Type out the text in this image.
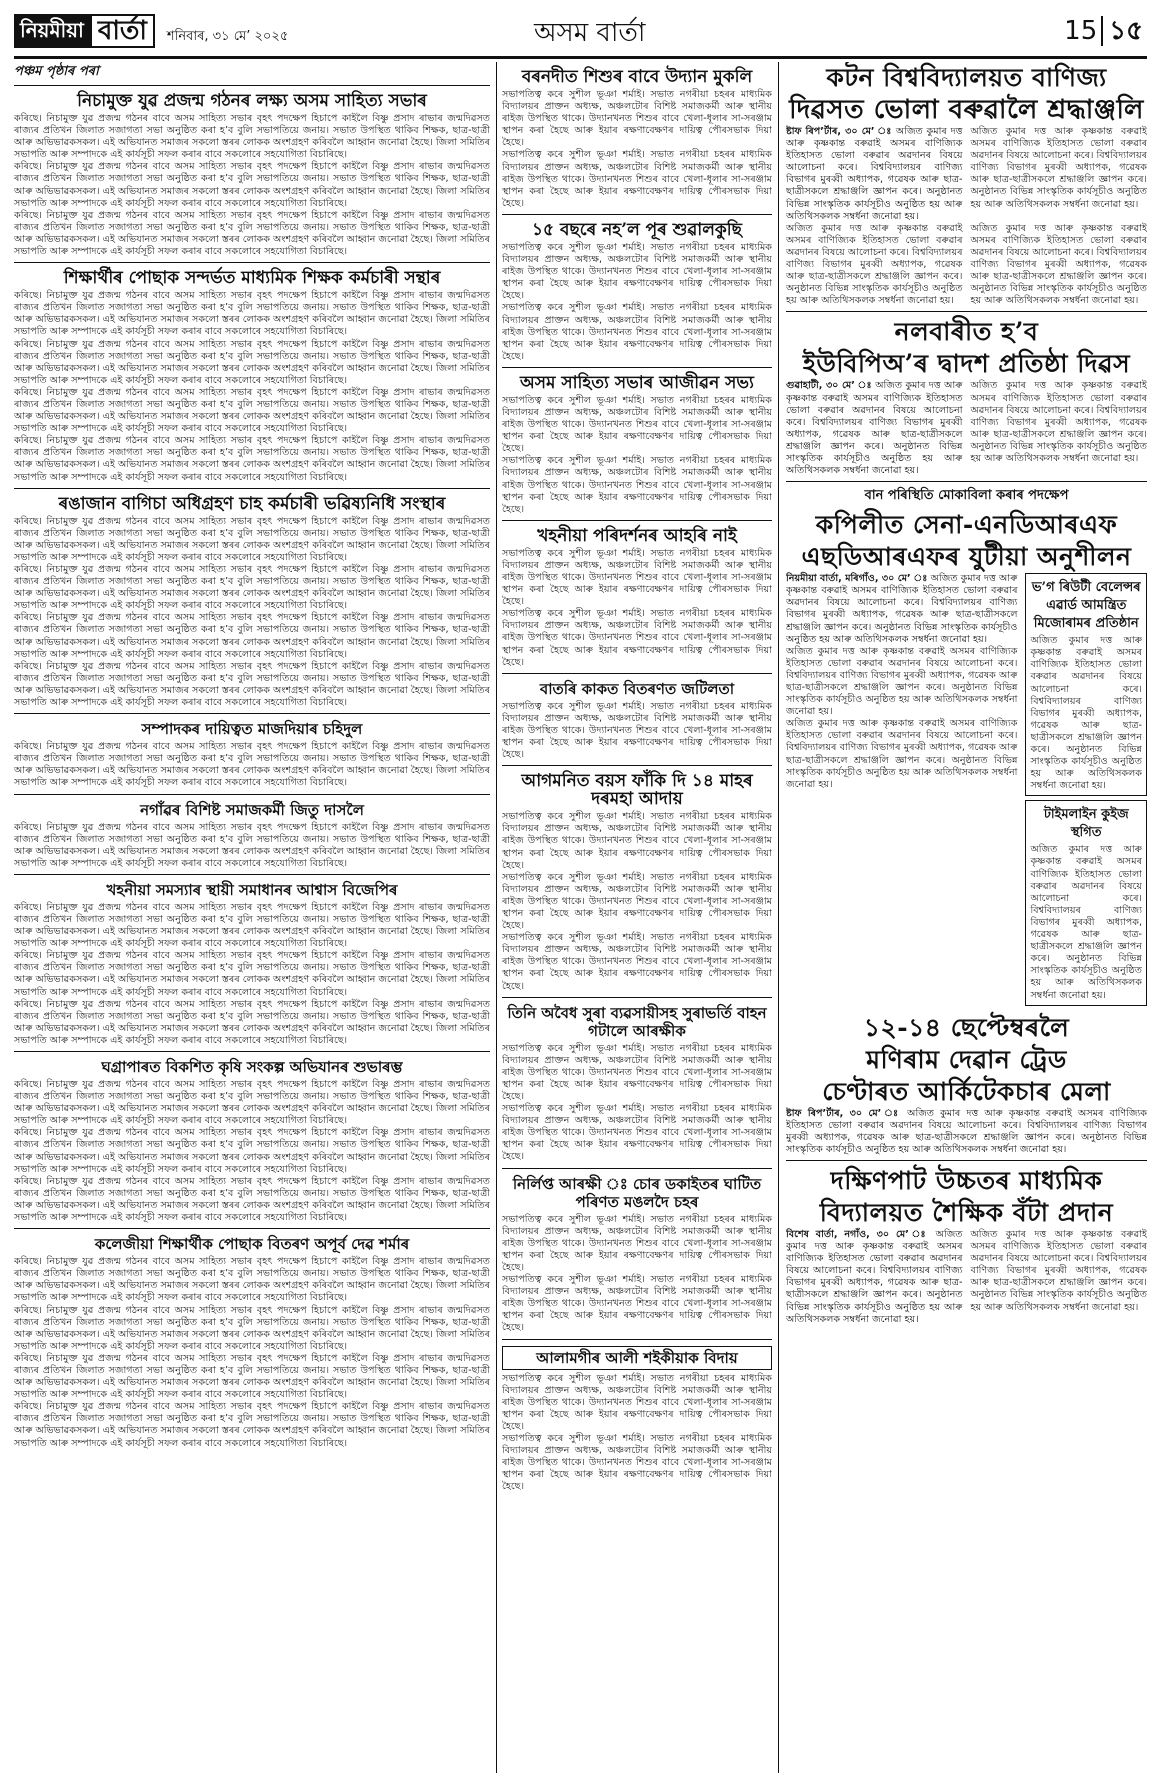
নিয়মীয়া বাৰ্তা	শনিবাৰ, ৩১ মে’ ২০২৫	অসম বাৰ্তা	15 ১৫
পঞ্চম পৃষ্ঠাৰ পৰা
নিচামুক্ত যুৱ প্ৰজন্ম গঠনৰ লক্ষ্য অসম সাহিত্য সভাৰ

কৰিছে। নিচামুক্ত যুৱ প্ৰজন্ম গঠনৰ বাবে অসম সাহিত্য সভাৰ বৃহৎ পদক্ষেপ হিচাপে কাইলৈ বিষ্ণু প্ৰসাদ ৰাভাৰ জন্মদিৱসত ৰাজ্যৰ প্ৰতিখন জিলাত সজাগতা সভা অনুষ্ঠিত কৰা হ’ব বুলি সভাপতিয়ে জনায়। সভাত উপস্থিত থাকিব শিক্ষক, ছাত্ৰ-ছাত্ৰী আৰু অভিভাৱকসকল। এই অভিযানত সমাজৰ সকলো স্তৰৰ লোকক অংশগ্ৰহণ কৰিবলৈ আহ্বান জনোৱা হৈছে। জিলা সমিতিৰ সভাপতি আৰু সম্পাদকে এই কাৰ্যসূচী সফল কৰাৰ বাবে সকলোৰে সহযোগিতা বিচাৰিছে।

কৰিছে। নিচামুক্ত যুৱ প্ৰজন্ম গঠনৰ বাবে অসম সাহিত্য সভাৰ বৃহৎ পদক্ষেপ হিচাপে কাইলৈ বিষ্ণু প্ৰসাদ ৰাভাৰ জন্মদিৱসত ৰাজ্যৰ প্ৰতিখন জিলাত সজাগতা সভা অনুষ্ঠিত কৰা হ’ব বুলি সভাপতিয়ে জনায়। সভাত উপস্থিত থাকিব শিক্ষক, ছাত্ৰ-ছাত্ৰী আৰু অভিভাৱকসকল। এই অভিযানত সমাজৰ সকলো স্তৰৰ লোকক অংশগ্ৰহণ কৰিবলৈ আহ্বান জনোৱা হৈছে। জিলা সমিতিৰ সভাপতি আৰু সম্পাদকে এই কাৰ্যসূচী সফল কৰাৰ বাবে সকলোৰে সহযোগিতা বিচাৰিছে।

কৰিছে। নিচামুক্ত যুৱ প্ৰজন্ম গঠনৰ বাবে অসম সাহিত্য সভাৰ বৃহৎ পদক্ষেপ হিচাপে কাইলৈ বিষ্ণু প্ৰসাদ ৰাভাৰ জন্মদিৱসত ৰাজ্যৰ প্ৰতিখন জিলাত সজাগতা সভা অনুষ্ঠিত কৰা হ’ব বুলি সভাপতিয়ে জনায়। সভাত উপস্থিত থাকিব শিক্ষক, ছাত্ৰ-ছাত্ৰী আৰু অভিভাৱকসকল। এই অভিযানত সমাজৰ সকলো স্তৰৰ লোকক অংশগ্ৰহণ কৰিবলৈ আহ্বান জনোৱা হৈছে। জিলা সমিতিৰ সভাপতি আৰু সম্পাদকে এই কাৰ্যসূচী সফল কৰাৰ বাবে সকলোৰে সহযোগিতা বিচাৰিছে।

শিক্ষাৰ্থীৰ পোছাক সন্দৰ্ভত মাধ্যমিক শিক্ষক কৰ্মচাৰী সন্থাৰ

কৰিছে। নিচামুক্ত যুৱ প্ৰজন্ম গঠনৰ বাবে অসম সাহিত্য সভাৰ বৃহৎ পদক্ষেপ হিচাপে কাইলৈ বিষ্ণু প্ৰসাদ ৰাভাৰ জন্মদিৱসত ৰাজ্যৰ প্ৰতিখন জিলাত সজাগতা সভা অনুষ্ঠিত কৰা হ’ব বুলি সভাপতিয়ে জনায়। সভাত উপস্থিত থাকিব শিক্ষক, ছাত্ৰ-ছাত্ৰী আৰু অভিভাৱকসকল। এই অভিযানত সমাজৰ সকলো স্তৰৰ লোকক অংশগ্ৰহণ কৰিবলৈ আহ্বান জনোৱা হৈছে। জিলা সমিতিৰ সভাপতি আৰু সম্পাদকে এই কাৰ্যসূচী সফল কৰাৰ বাবে সকলোৰে সহযোগিতা বিচাৰিছে।

কৰিছে। নিচামুক্ত যুৱ প্ৰজন্ম গঠনৰ বাবে অসম সাহিত্য সভাৰ বৃহৎ পদক্ষেপ হিচাপে কাইলৈ বিষ্ণু প্ৰসাদ ৰাভাৰ জন্মদিৱসত ৰাজ্যৰ প্ৰতিখন জিলাত সজাগতা সভা অনুষ্ঠিত কৰা হ’ব বুলি সভাপতিয়ে জনায়। সভাত উপস্থিত থাকিব শিক্ষক, ছাত্ৰ-ছাত্ৰী আৰু অভিভাৱকসকল। এই অভিযানত সমাজৰ সকলো স্তৰৰ লোকক অংশগ্ৰহণ কৰিবলৈ আহ্বান জনোৱা হৈছে। জিলা সমিতিৰ সভাপতি আৰু সম্পাদকে এই কাৰ্যসূচী সফল কৰাৰ বাবে সকলোৰে সহযোগিতা বিচাৰিছে।

কৰিছে। নিচামুক্ত যুৱ প্ৰজন্ম গঠনৰ বাবে অসম সাহিত্য সভাৰ বৃহৎ পদক্ষেপ হিচাপে কাইলৈ বিষ্ণু প্ৰসাদ ৰাভাৰ জন্মদিৱসত ৰাজ্যৰ প্ৰতিখন জিলাত সজাগতা সভা অনুষ্ঠিত কৰা হ’ব বুলি সভাপতিয়ে জনায়। সভাত উপস্থিত থাকিব শিক্ষক, ছাত্ৰ-ছাত্ৰী আৰু অভিভাৱকসকল। এই অভিযানত সমাজৰ সকলো স্তৰৰ লোকক অংশগ্ৰহণ কৰিবলৈ আহ্বান জনোৱা হৈছে। জিলা সমিতিৰ সভাপতি আৰু সম্পাদকে এই কাৰ্যসূচী সফল কৰাৰ বাবে সকলোৰে সহযোগিতা বিচাৰিছে।

কৰিছে। নিচামুক্ত যুৱ প্ৰজন্ম গঠনৰ বাবে অসম সাহিত্য সভাৰ বৃহৎ পদক্ষেপ হিচাপে কাইলৈ বিষ্ণু প্ৰসাদ ৰাভাৰ জন্মদিৱসত ৰাজ্যৰ প্ৰতিখন জিলাত সজাগতা সভা অনুষ্ঠিত কৰা হ’ব বুলি সভাপতিয়ে জনায়। সভাত উপস্থিত থাকিব শিক্ষক, ছাত্ৰ-ছাত্ৰী আৰু অভিভাৱকসকল। এই অভিযানত সমাজৰ সকলো স্তৰৰ লোকক অংশগ্ৰহণ কৰিবলৈ আহ্বান জনোৱা হৈছে। জিলা সমিতিৰ সভাপতি আৰু সম্পাদকে এই কাৰ্যসূচী সফল কৰাৰ বাবে সকলোৰে সহযোগিতা বিচাৰিছে।

ৰঙাজান বাগিচা অধিগ্ৰহণ চাহ কৰ্মচাৰী ভৱিষ্যনিধি সংস্থাৰ

কৰিছে। নিচামুক্ত যুৱ প্ৰজন্ম গঠনৰ বাবে অসম সাহিত্য সভাৰ বৃহৎ পদক্ষেপ হিচাপে কাইলৈ বিষ্ণু প্ৰসাদ ৰাভাৰ জন্মদিৱসত ৰাজ্যৰ প্ৰতিখন জিলাত সজাগতা সভা অনুষ্ঠিত কৰা হ’ব বুলি সভাপতিয়ে জনায়। সভাত উপস্থিত থাকিব শিক্ষক, ছাত্ৰ-ছাত্ৰী আৰু অভিভাৱকসকল। এই অভিযানত সমাজৰ সকলো স্তৰৰ লোকক অংশগ্ৰহণ কৰিবলৈ আহ্বান জনোৱা হৈছে। জিলা সমিতিৰ সভাপতি আৰু সম্পাদকে এই কাৰ্যসূচী সফল কৰাৰ বাবে সকলোৰে সহযোগিতা বিচাৰিছে।

কৰিছে। নিচামুক্ত যুৱ প্ৰজন্ম গঠনৰ বাবে অসম সাহিত্য সভাৰ বৃহৎ পদক্ষেপ হিচাপে কাইলৈ বিষ্ণু প্ৰসাদ ৰাভাৰ জন্মদিৱসত ৰাজ্যৰ প্ৰতিখন জিলাত সজাগতা সভা অনুষ্ঠিত কৰা হ’ব বুলি সভাপতিয়ে জনায়। সভাত উপস্থিত থাকিব শিক্ষক, ছাত্ৰ-ছাত্ৰী আৰু অভিভাৱকসকল। এই অভিযানত সমাজৰ সকলো স্তৰৰ লোকক অংশগ্ৰহণ কৰিবলৈ আহ্বান জনোৱা হৈছে। জিলা সমিতিৰ সভাপতি আৰু সম্পাদকে এই কাৰ্যসূচী সফল কৰাৰ বাবে সকলোৰে সহযোগিতা বিচাৰিছে।

কৰিছে। নিচামুক্ত যুৱ প্ৰজন্ম গঠনৰ বাবে অসম সাহিত্য সভাৰ বৃহৎ পদক্ষেপ হিচাপে কাইলৈ বিষ্ণু প্ৰসাদ ৰাভাৰ জন্মদিৱসত ৰাজ্যৰ প্ৰতিখন জিলাত সজাগতা সভা অনুষ্ঠিত কৰা হ’ব বুলি সভাপতিয়ে জনায়। সভাত উপস্থিত থাকিব শিক্ষক, ছাত্ৰ-ছাত্ৰী আৰু অভিভাৱকসকল। এই অভিযানত সমাজৰ সকলো স্তৰৰ লোকক অংশগ্ৰহণ কৰিবলৈ আহ্বান জনোৱা হৈছে। জিলা সমিতিৰ সভাপতি আৰু সম্পাদকে এই কাৰ্যসূচী সফল কৰাৰ বাবে সকলোৰে সহযোগিতা বিচাৰিছে।

কৰিছে। নিচামুক্ত যুৱ প্ৰজন্ম গঠনৰ বাবে অসম সাহিত্য সভাৰ বৃহৎ পদক্ষেপ হিচাপে কাইলৈ বিষ্ণু প্ৰসাদ ৰাভাৰ জন্মদিৱসত ৰাজ্যৰ প্ৰতিখন জিলাত সজাগতা সভা অনুষ্ঠিত কৰা হ’ব বুলি সভাপতিয়ে জনায়। সভাত উপস্থিত থাকিব শিক্ষক, ছাত্ৰ-ছাত্ৰী আৰু অভিভাৱকসকল। এই অভিযানত সমাজৰ সকলো স্তৰৰ লোকক অংশগ্ৰহণ কৰিবলৈ আহ্বান জনোৱা হৈছে। জিলা সমিতিৰ সভাপতি আৰু সম্পাদকে এই কাৰ্যসূচী সফল কৰাৰ বাবে সকলোৰে সহযোগিতা বিচাৰিছে।

সম্পাদকৰ দায়িত্বত মাজদিয়াৰ চহিদুল

কৰিছে। নিচামুক্ত যুৱ প্ৰজন্ম গঠনৰ বাবে অসম সাহিত্য সভাৰ বৃহৎ পদক্ষেপ হিচাপে কাইলৈ বিষ্ণু প্ৰসাদ ৰাভাৰ জন্মদিৱসত ৰাজ্যৰ প্ৰতিখন জিলাত সজাগতা সভা অনুষ্ঠিত কৰা হ’ব বুলি সভাপতিয়ে জনায়। সভাত উপস্থিত থাকিব শিক্ষক, ছাত্ৰ-ছাত্ৰী আৰু অভিভাৱকসকল। এই অভিযানত সমাজৰ সকলো স্তৰৰ লোকক অংশগ্ৰহণ কৰিবলৈ আহ্বান জনোৱা হৈছে। জিলা সমিতিৰ সভাপতি আৰু সম্পাদকে এই কাৰ্যসূচী সফল কৰাৰ বাবে সকলোৰে সহযোগিতা বিচাৰিছে।

নগাঁৱৰ বিশিষ্ট সমাজকৰ্মী জিতু দাসলৈ

কৰিছে। নিচামুক্ত যুৱ প্ৰজন্ম গঠনৰ বাবে অসম সাহিত্য সভাৰ বৃহৎ পদক্ষেপ হিচাপে কাইলৈ বিষ্ণু প্ৰসাদ ৰাভাৰ জন্মদিৱসত ৰাজ্যৰ প্ৰতিখন জিলাত সজাগতা সভা অনুষ্ঠিত কৰা হ’ব বুলি সভাপতিয়ে জনায়। সভাত উপস্থিত থাকিব শিক্ষক, ছাত্ৰ-ছাত্ৰী আৰু অভিভাৱকসকল। এই অভিযানত সমাজৰ সকলো স্তৰৰ লোকক অংশগ্ৰহণ কৰিবলৈ আহ্বান জনোৱা হৈছে। জিলা সমিতিৰ সভাপতি আৰু সম্পাদকে এই কাৰ্যসূচী সফল কৰাৰ বাবে সকলোৰে সহযোগিতা বিচাৰিছে।

খহনীয়া সমস্যাৰ স্থায়ী সমাধানৰ আশ্বাস বিজেপিৰ

কৰিছে। নিচামুক্ত যুৱ প্ৰজন্ম গঠনৰ বাবে অসম সাহিত্য সভাৰ বৃহৎ পদক্ষেপ হিচাপে কাইলৈ বিষ্ণু প্ৰসাদ ৰাভাৰ জন্মদিৱসত ৰাজ্যৰ প্ৰতিখন জিলাত সজাগতা সভা অনুষ্ঠিত কৰা হ’ব বুলি সভাপতিয়ে জনায়। সভাত উপস্থিত থাকিব শিক্ষক, ছাত্ৰ-ছাত্ৰী আৰু অভিভাৱকসকল। এই অভিযানত সমাজৰ সকলো স্তৰৰ লোকক অংশগ্ৰহণ কৰিবলৈ আহ্বান জনোৱা হৈছে। জিলা সমিতিৰ সভাপতি আৰু সম্পাদকে এই কাৰ্যসূচী সফল কৰাৰ বাবে সকলোৰে সহযোগিতা বিচাৰিছে।

কৰিছে। নিচামুক্ত যুৱ প্ৰজন্ম গঠনৰ বাবে অসম সাহিত্য সভাৰ বৃহৎ পদক্ষেপ হিচাপে কাইলৈ বিষ্ণু প্ৰসাদ ৰাভাৰ জন্মদিৱসত ৰাজ্যৰ প্ৰতিখন জিলাত সজাগতা সভা অনুষ্ঠিত কৰা হ’ব বুলি সভাপতিয়ে জনায়। সভাত উপস্থিত থাকিব শিক্ষক, ছাত্ৰ-ছাত্ৰী আৰু অভিভাৱকসকল। এই অভিযানত সমাজৰ সকলো স্তৰৰ লোকক অংশগ্ৰহণ কৰিবলৈ আহ্বান জনোৱা হৈছে। জিলা সমিতিৰ সভাপতি আৰু সম্পাদকে এই কাৰ্যসূচী সফল কৰাৰ বাবে সকলোৰে সহযোগিতা বিচাৰিছে।

কৰিছে। নিচামুক্ত যুৱ প্ৰজন্ম গঠনৰ বাবে অসম সাহিত্য সভাৰ বৃহৎ পদক্ষেপ হিচাপে কাইলৈ বিষ্ণু প্ৰসাদ ৰাভাৰ জন্মদিৱসত ৰাজ্যৰ প্ৰতিখন জিলাত সজাগতা সভা অনুষ্ঠিত কৰা হ’ব বুলি সভাপতিয়ে জনায়। সভাত উপস্থিত থাকিব শিক্ষক, ছাত্ৰ-ছাত্ৰী আৰু অভিভাৱকসকল। এই অভিযানত সমাজৰ সকলো স্তৰৰ লোকক অংশগ্ৰহণ কৰিবলৈ আহ্বান জনোৱা হৈছে। জিলা সমিতিৰ সভাপতি আৰু সম্পাদকে এই কাৰ্যসূচী সফল কৰাৰ বাবে সকলোৰে সহযোগিতা বিচাৰিছে।

ঘগ্ৰাপাৰত বিকশিত কৃষি সংকল্প অভিযানৰ শুভাৰম্ভ

কৰিছে। নিচামুক্ত যুৱ প্ৰজন্ম গঠনৰ বাবে অসম সাহিত্য সভাৰ বৃহৎ পদক্ষেপ হিচাপে কাইলৈ বিষ্ণু প্ৰসাদ ৰাভাৰ জন্মদিৱসত ৰাজ্যৰ প্ৰতিখন জিলাত সজাগতা সভা অনুষ্ঠিত কৰা হ’ব বুলি সভাপতিয়ে জনায়। সভাত উপস্থিত থাকিব শিক্ষক, ছাত্ৰ-ছাত্ৰী আৰু অভিভাৱকসকল। এই অভিযানত সমাজৰ সকলো স্তৰৰ লোকক অংশগ্ৰহণ কৰিবলৈ আহ্বান জনোৱা হৈছে। জিলা সমিতিৰ সভাপতি আৰু সম্পাদকে এই কাৰ্যসূচী সফল কৰাৰ বাবে সকলোৰে সহযোগিতা বিচাৰিছে।

কৰিছে। নিচামুক্ত যুৱ প্ৰজন্ম গঠনৰ বাবে অসম সাহিত্য সভাৰ বৃহৎ পদক্ষেপ হিচাপে কাইলৈ বিষ্ণু প্ৰসাদ ৰাভাৰ জন্মদিৱসত ৰাজ্যৰ প্ৰতিখন জিলাত সজাগতা সভা অনুষ্ঠিত কৰা হ’ব বুলি সভাপতিয়ে জনায়। সভাত উপস্থিত থাকিব শিক্ষক, ছাত্ৰ-ছাত্ৰী আৰু অভিভাৱকসকল। এই অভিযানত সমাজৰ সকলো স্তৰৰ লোকক অংশগ্ৰহণ কৰিবলৈ আহ্বান জনোৱা হৈছে। জিলা সমিতিৰ সভাপতি আৰু সম্পাদকে এই কাৰ্যসূচী সফল কৰাৰ বাবে সকলোৰে সহযোগিতা বিচাৰিছে।

কৰিছে। নিচামুক্ত যুৱ প্ৰজন্ম গঠনৰ বাবে অসম সাহিত্য সভাৰ বৃহৎ পদক্ষেপ হিচাপে কাইলৈ বিষ্ণু প্ৰসাদ ৰাভাৰ জন্মদিৱসত ৰাজ্যৰ প্ৰতিখন জিলাত সজাগতা সভা অনুষ্ঠিত কৰা হ’ব বুলি সভাপতিয়ে জনায়। সভাত উপস্থিত থাকিব শিক্ষক, ছাত্ৰ-ছাত্ৰী আৰু অভিভাৱকসকল। এই অভিযানত সমাজৰ সকলো স্তৰৰ লোকক অংশগ্ৰহণ কৰিবলৈ আহ্বান জনোৱা হৈছে। জিলা সমিতিৰ সভাপতি আৰু সম্পাদকে এই কাৰ্যসূচী সফল কৰাৰ বাবে সকলোৰে সহযোগিতা বিচাৰিছে।

কলেজীয়া শিক্ষাৰ্থীক পোছাক বিতৰণ অপূৰ্ব দেৱ শৰ্মাৰ

কৰিছে। নিচামুক্ত যুৱ প্ৰজন্ম গঠনৰ বাবে অসম সাহিত্য সভাৰ বৃহৎ পদক্ষেপ হিচাপে কাইলৈ বিষ্ণু প্ৰসাদ ৰাভাৰ জন্মদিৱসত ৰাজ্যৰ প্ৰতিখন জিলাত সজাগতা সভা অনুষ্ঠিত কৰা হ’ব বুলি সভাপতিয়ে জনায়। সভাত উপস্থিত থাকিব শিক্ষক, ছাত্ৰ-ছাত্ৰী আৰু অভিভাৱকসকল। এই অভিযানত সমাজৰ সকলো স্তৰৰ লোকক অংশগ্ৰহণ কৰিবলৈ আহ্বান জনোৱা হৈছে। জিলা সমিতিৰ সভাপতি আৰু সম্পাদকে এই কাৰ্যসূচী সফল কৰাৰ বাবে সকলোৰে সহযোগিতা বিচাৰিছে।

কৰিছে। নিচামুক্ত যুৱ প্ৰজন্ম গঠনৰ বাবে অসম সাহিত্য সভাৰ বৃহৎ পদক্ষেপ হিচাপে কাইলৈ বিষ্ণু প্ৰসাদ ৰাভাৰ জন্মদিৱসত ৰাজ্যৰ প্ৰতিখন জিলাত সজাগতা সভা অনুষ্ঠিত কৰা হ’ব বুলি সভাপতিয়ে জনায়। সভাত উপস্থিত থাকিব শিক্ষক, ছাত্ৰ-ছাত্ৰী আৰু অভিভাৱকসকল। এই অভিযানত সমাজৰ সকলো স্তৰৰ লোকক অংশগ্ৰহণ কৰিবলৈ আহ্বান জনোৱা হৈছে। জিলা সমিতিৰ সভাপতি আৰু সম্পাদকে এই কাৰ্যসূচী সফল কৰাৰ বাবে সকলোৰে সহযোগিতা বিচাৰিছে।

কৰিছে। নিচামুক্ত যুৱ প্ৰজন্ম গঠনৰ বাবে অসম সাহিত্য সভাৰ বৃহৎ পদক্ষেপ হিচাপে কাইলৈ বিষ্ণু প্ৰসাদ ৰাভাৰ জন্মদিৱসত ৰাজ্যৰ প্ৰতিখন জিলাত সজাগতা সভা অনুষ্ঠিত কৰা হ’ব বুলি সভাপতিয়ে জনায়। সভাত উপস্থিত থাকিব শিক্ষক, ছাত্ৰ-ছাত্ৰী আৰু অভিভাৱকসকল। এই অভিযানত সমাজৰ সকলো স্তৰৰ লোকক অংশগ্ৰহণ কৰিবলৈ আহ্বান জনোৱা হৈছে। জিলা সমিতিৰ সভাপতি আৰু সম্পাদকে এই কাৰ্যসূচী সফল কৰাৰ বাবে সকলোৰে সহযোগিতা বিচাৰিছে।

কৰিছে। নিচামুক্ত যুৱ প্ৰজন্ম গঠনৰ বাবে অসম সাহিত্য সভাৰ বৃহৎ পদক্ষেপ হিচাপে কাইলৈ বিষ্ণু প্ৰসাদ ৰাভাৰ জন্মদিৱসত ৰাজ্যৰ প্ৰতিখন জিলাত সজাগতা সভা অনুষ্ঠিত কৰা হ’ব বুলি সভাপতিয়ে জনায়। সভাত উপস্থিত থাকিব শিক্ষক, ছাত্ৰ-ছাত্ৰী আৰু অভিভাৱকসকল। এই অভিযানত সমাজৰ সকলো স্তৰৰ লোকক অংশগ্ৰহণ কৰিবলৈ আহ্বান জনোৱা হৈছে। জিলা সমিতিৰ সভাপতি আৰু সম্পাদকে এই কাৰ্যসূচী সফল কৰাৰ বাবে সকলোৰে সহযোগিতা বিচাৰিছে।

বৰনদীত শিশুৰ বাবে উদ্যান মুকলি

সভাপতিত্ব কৰে সুশীল ভূঞা শৰ্মাই। সভাত নগৰীয়া চহৰৰ মাধ্যমিক বিদ্যালয়ৰ প্ৰাক্তন অধ্যক্ষ, অঞ্চলটোৰ বিশিষ্ট সমাজকৰ্মী আৰু স্থানীয় ৰাইজ উপস্থিত থাকে। উদ্যানখনত শিশুৰ বাবে খেলা-ধূলাৰ সা-সৰঞ্জাম স্থাপন কৰা হৈছে আৰু ইয়াৰ ৰক্ষণাবেক্ষণৰ দায়িত্ব পৌৰসভাক দিয়া হৈছে।

সভাপতিত্ব কৰে সুশীল ভূঞা শৰ্মাই। সভাত নগৰীয়া চহৰৰ মাধ্যমিক বিদ্যালয়ৰ প্ৰাক্তন অধ্যক্ষ, অঞ্চলটোৰ বিশিষ্ট সমাজকৰ্মী আৰু স্থানীয় ৰাইজ উপস্থিত থাকে। উদ্যানখনত শিশুৰ বাবে খেলা-ধূলাৰ সা-সৰঞ্জাম স্থাপন কৰা হৈছে আৰু ইয়াৰ ৰক্ষণাবেক্ষণৰ দায়িত্ব পৌৰসভাক দিয়া হৈছে।

১৫ বছৰে নহ’ল পূৰ শুৱালকুছি

সভাপতিত্ব কৰে সুশীল ভূঞা শৰ্মাই। সভাত নগৰীয়া চহৰৰ মাধ্যমিক বিদ্যালয়ৰ প্ৰাক্তন অধ্যক্ষ, অঞ্চলটোৰ বিশিষ্ট সমাজকৰ্মী আৰু স্থানীয় ৰাইজ উপস্থিত থাকে। উদ্যানখনত শিশুৰ বাবে খেলা-ধূলাৰ সা-সৰঞ্জাম স্থাপন কৰা হৈছে আৰু ইয়াৰ ৰক্ষণাবেক্ষণৰ দায়িত্ব পৌৰসভাক দিয়া হৈছে।

সভাপতিত্ব কৰে সুশীল ভূঞা শৰ্মাই। সভাত নগৰীয়া চহৰৰ মাধ্যমিক বিদ্যালয়ৰ প্ৰাক্তন অধ্যক্ষ, অঞ্চলটোৰ বিশিষ্ট সমাজকৰ্মী আৰু স্থানীয় ৰাইজ উপস্থিত থাকে। উদ্যানখনত শিশুৰ বাবে খেলা-ধূলাৰ সা-সৰঞ্জাম স্থাপন কৰা হৈছে আৰু ইয়াৰ ৰক্ষণাবেক্ষণৰ দায়িত্ব পৌৰসভাক দিয়া হৈছে।

অসম সাহিত্য সভাৰ আজীৱন সভ্য

সভাপতিত্ব কৰে সুশীল ভূঞা শৰ্মাই। সভাত নগৰীয়া চহৰৰ মাধ্যমিক বিদ্যালয়ৰ প্ৰাক্তন অধ্যক্ষ, অঞ্চলটোৰ বিশিষ্ট সমাজকৰ্মী আৰু স্থানীয় ৰাইজ উপস্থিত থাকে। উদ্যানখনত শিশুৰ বাবে খেলা-ধূলাৰ সা-সৰঞ্জাম স্থাপন কৰা হৈছে আৰু ইয়াৰ ৰক্ষণাবেক্ষণৰ দায়িত্ব পৌৰসভাক দিয়া হৈছে।

সভাপতিত্ব কৰে সুশীল ভূঞা শৰ্মাই। সভাত নগৰীয়া চহৰৰ মাধ্যমিক বিদ্যালয়ৰ প্ৰাক্তন অধ্যক্ষ, অঞ্চলটোৰ বিশিষ্ট সমাজকৰ্মী আৰু স্থানীয় ৰাইজ উপস্থিত থাকে। উদ্যানখনত শিশুৰ বাবে খেলা-ধূলাৰ সা-সৰঞ্জাম স্থাপন কৰা হৈছে আৰু ইয়াৰ ৰক্ষণাবেক্ষণৰ দায়িত্ব পৌৰসভাক দিয়া হৈছে।

খহনীয়া পৰিদৰ্শনৰ আহৰি নাই

সভাপতিত্ব কৰে সুশীল ভূঞা শৰ্মাই। সভাত নগৰীয়া চহৰৰ মাধ্যমিক বিদ্যালয়ৰ প্ৰাক্তন অধ্যক্ষ, অঞ্চলটোৰ বিশিষ্ট সমাজকৰ্মী আৰু স্থানীয় ৰাইজ উপস্থিত থাকে। উদ্যানখনত শিশুৰ বাবে খেলা-ধূলাৰ সা-সৰঞ্জাম স্থাপন কৰা হৈছে আৰু ইয়াৰ ৰক্ষণাবেক্ষণৰ দায়িত্ব পৌৰসভাক দিয়া হৈছে।

সভাপতিত্ব কৰে সুশীল ভূঞা শৰ্মাই। সভাত নগৰীয়া চহৰৰ মাধ্যমিক বিদ্যালয়ৰ প্ৰাক্তন অধ্যক্ষ, অঞ্চলটোৰ বিশিষ্ট সমাজকৰ্মী আৰু স্থানীয় ৰাইজ উপস্থিত থাকে। উদ্যানখনত শিশুৰ বাবে খেলা-ধূলাৰ সা-সৰঞ্জাম স্থাপন কৰা হৈছে আৰু ইয়াৰ ৰক্ষণাবেক্ষণৰ দায়িত্ব পৌৰসভাক দিয়া হৈছে।

বাতৰি কাকত বিতৰণত জটিলতা

সভাপতিত্ব কৰে সুশীল ভূঞা শৰ্মাই। সভাত নগৰীয়া চহৰৰ মাধ্যমিক বিদ্যালয়ৰ প্ৰাক্তন অধ্যক্ষ, অঞ্চলটোৰ বিশিষ্ট সমাজকৰ্মী আৰু স্থানীয় ৰাইজ উপস্থিত থাকে। উদ্যানখনত শিশুৰ বাবে খেলা-ধূলাৰ সা-সৰঞ্জাম স্থাপন কৰা হৈছে আৰু ইয়াৰ ৰক্ষণাবেক্ষণৰ দায়িত্ব পৌৰসভাক দিয়া হৈছে।

আগমনিত বয়স ফাঁকি দি ১৪ মাহৰ দৰমহা আদায়

সভাপতিত্ব কৰে সুশীল ভূঞা শৰ্মাই। সভাত নগৰীয়া চহৰৰ মাধ্যমিক বিদ্যালয়ৰ প্ৰাক্তন অধ্যক্ষ, অঞ্চলটোৰ বিশিষ্ট সমাজকৰ্মী আৰু স্থানীয় ৰাইজ উপস্থিত থাকে। উদ্যানখনত শিশুৰ বাবে খেলা-ধূলাৰ সা-সৰঞ্জাম স্থাপন কৰা হৈছে আৰু ইয়াৰ ৰক্ষণাবেক্ষণৰ দায়িত্ব পৌৰসভাক দিয়া হৈছে।

সভাপতিত্ব কৰে সুশীল ভূঞা শৰ্মাই। সভাত নগৰীয়া চহৰৰ মাধ্যমিক বিদ্যালয়ৰ প্ৰাক্তন অধ্যক্ষ, অঞ্চলটোৰ বিশিষ্ট সমাজকৰ্মী আৰু স্থানীয় ৰাইজ উপস্থিত থাকে। উদ্যানখনত শিশুৰ বাবে খেলা-ধূলাৰ সা-সৰঞ্জাম স্থাপন কৰা হৈছে আৰু ইয়াৰ ৰক্ষণাবেক্ষণৰ দায়িত্ব পৌৰসভাক দিয়া হৈছে।

সভাপতিত্ব কৰে সুশীল ভূঞা শৰ্মাই। সভাত নগৰীয়া চহৰৰ মাধ্যমিক বিদ্যালয়ৰ প্ৰাক্তন অধ্যক্ষ, অঞ্চলটোৰ বিশিষ্ট সমাজকৰ্মী আৰু স্থানীয় ৰাইজ উপস্থিত থাকে। উদ্যানখনত শিশুৰ বাবে খেলা-ধূলাৰ সা-সৰঞ্জাম স্থাপন কৰা হৈছে আৰু ইয়াৰ ৰক্ষণাবেক্ষণৰ দায়িত্ব পৌৰসভাক দিয়া হৈছে।

তিনি অবৈধ সুৰা ব্যৱসায়ীসহ সুৰাভৰ্তি বাহন গটালে আৰক্ষীক

সভাপতিত্ব কৰে সুশীল ভূঞা শৰ্মাই। সভাত নগৰীয়া চহৰৰ মাধ্যমিক বিদ্যালয়ৰ প্ৰাক্তন অধ্যক্ষ, অঞ্চলটোৰ বিশিষ্ট সমাজকৰ্মী আৰু স্থানীয় ৰাইজ উপস্থিত থাকে। উদ্যানখনত শিশুৰ বাবে খেলা-ধূলাৰ সা-সৰঞ্জাম স্থাপন কৰা হৈছে আৰু ইয়াৰ ৰক্ষণাবেক্ষণৰ দায়িত্ব পৌৰসভাক দিয়া হৈছে।

সভাপতিত্ব কৰে সুশীল ভূঞা শৰ্মাই। সভাত নগৰীয়া চহৰৰ মাধ্যমিক বিদ্যালয়ৰ প্ৰাক্তন অধ্যক্ষ, অঞ্চলটোৰ বিশিষ্ট সমাজকৰ্মী আৰু স্থানীয় ৰাইজ উপস্থিত থাকে। উদ্যানখনত শিশুৰ বাবে খেলা-ধূলাৰ সা-সৰঞ্জাম স্থাপন কৰা হৈছে আৰু ইয়াৰ ৰক্ষণাবেক্ষণৰ দায়িত্ব পৌৰসভাক দিয়া হৈছে।

নিৰ্লিপ্ত আৰক্ষী ঃ চোৰ ডকাইতৰ ঘাটিত পৰিণত মঙলদৈ চহৰ

সভাপতিত্ব কৰে সুশীল ভূঞা শৰ্মাই। সভাত নগৰীয়া চহৰৰ মাধ্যমিক বিদ্যালয়ৰ প্ৰাক্তন অধ্যক্ষ, অঞ্চলটোৰ বিশিষ্ট সমাজকৰ্মী আৰু স্থানীয় ৰাইজ উপস্থিত থাকে। উদ্যানখনত শিশুৰ বাবে খেলা-ধূলাৰ সা-সৰঞ্জাম স্থাপন কৰা হৈছে আৰু ইয়াৰ ৰক্ষণাবেক্ষণৰ দায়িত্ব পৌৰসভাক দিয়া হৈছে।

সভাপতিত্ব কৰে সুশীল ভূঞা শৰ্মাই। সভাত নগৰীয়া চহৰৰ মাধ্যমিক বিদ্যালয়ৰ প্ৰাক্তন অধ্যক্ষ, অঞ্চলটোৰ বিশিষ্ট সমাজকৰ্মী আৰু স্থানীয় ৰাইজ উপস্থিত থাকে। উদ্যানখনত শিশুৰ বাবে খেলা-ধূলাৰ সা-সৰঞ্জাম স্থাপন কৰা হৈছে আৰু ইয়াৰ ৰক্ষণাবেক্ষণৰ দায়িত্ব পৌৰসভাক দিয়া হৈছে।

আলামগীৰ আলী শইকীয়াক বিদায়

সভাপতিত্ব কৰে সুশীল ভূঞা শৰ্মাই। সভাত নগৰীয়া চহৰৰ মাধ্যমিক বিদ্যালয়ৰ প্ৰাক্তন অধ্যক্ষ, অঞ্চলটোৰ বিশিষ্ট সমাজকৰ্মী আৰু স্থানীয় ৰাইজ উপস্থিত থাকে। উদ্যানখনত শিশুৰ বাবে খেলা-ধূলাৰ সা-সৰঞ্জাম স্থাপন কৰা হৈছে আৰু ইয়াৰ ৰক্ষণাবেক্ষণৰ দায়িত্ব পৌৰসভাক দিয়া হৈছে।

সভাপতিত্ব কৰে সুশীল ভূঞা শৰ্মাই। সভাত নগৰীয়া চহৰৰ মাধ্যমিক বিদ্যালয়ৰ প্ৰাক্তন অধ্যক্ষ, অঞ্চলটোৰ বিশিষ্ট সমাজকৰ্মী আৰু স্থানীয় ৰাইজ উপস্থিত থাকে। উদ্যানখনত শিশুৰ বাবে খেলা-ধূলাৰ সা-সৰঞ্জাম স্থাপন কৰা হৈছে আৰু ইয়াৰ ৰক্ষণাবেক্ষণৰ দায়িত্ব পৌৰসভাক দিয়া হৈছে।

কটন বিশ্ববিদ্যালয়ত বাণিজ্য
দিৱসত ভোলা বৰুৱালৈ শ্ৰদ্ধাঞ্জলি

ষ্টাফ ৰিপ’ৰ্টাৰ, ৩০ মে’ ঃ অজিত কুমাৰ দত্ত আৰু কৃষ্ণকান্ত বৰুৱাই অসমৰ বাণিজ্যিক ইতিহাসত ভোলা বৰুৱাৰ অৱদানৰ বিষয়ে আলোচনা কৰে। বিশ্ববিদ্যালয়ৰ বাণিজ্য বিভাগৰ মুৰব্বী অধ্যাপক, গৱেষক আৰু ছাত্ৰ-ছাত্ৰীসকলে শ্ৰদ্ধাঞ্জলি জ্ঞাপন কৰে। অনুষ্ঠানত বিভিন্ন সাংস্কৃতিক কাৰ্যসূচীও অনুষ্ঠিত হয় আৰু অতিথিসকলক সম্বৰ্ধনা জনোৱা হয়।

অজিত কুমাৰ দত্ত আৰু কৃষ্ণকান্ত বৰুৱাই অসমৰ বাণিজ্যিক ইতিহাসত ভোলা বৰুৱাৰ অৱদানৰ বিষয়ে আলোচনা কৰে। বিশ্ববিদ্যালয়ৰ বাণিজ্য বিভাগৰ মুৰব্বী অধ্যাপক, গৱেষক আৰু ছাত্ৰ-ছাত্ৰীসকলে শ্ৰদ্ধাঞ্জলি জ্ঞাপন কৰে। অনুষ্ঠানত বিভিন্ন সাংস্কৃতিক কাৰ্যসূচীও অনুষ্ঠিত হয় আৰু অতিথিসকলক সম্বৰ্ধনা জনোৱা হয়।

অজিত কুমাৰ দত্ত আৰু কৃষ্ণকান্ত বৰুৱাই অসমৰ বাণিজ্যিক ইতিহাসত ভোলা বৰুৱাৰ অৱদানৰ বিষয়ে আলোচনা কৰে। বিশ্ববিদ্যালয়ৰ বাণিজ্য বিভাগৰ মুৰব্বী অধ্যাপক, গৱেষক আৰু ছাত্ৰ-ছাত্ৰীসকলে শ্ৰদ্ধাঞ্জলি জ্ঞাপন কৰে। অনুষ্ঠানত বিভিন্ন সাংস্কৃতিক কাৰ্যসূচীও অনুষ্ঠিত হয় আৰু অতিথিসকলক সম্বৰ্ধনা জনোৱা হয়।

অজিত কুমাৰ দত্ত আৰু কৃষ্ণকান্ত বৰুৱাই অসমৰ বাণিজ্যিক ইতিহাসত ভোলা বৰুৱাৰ অৱদানৰ বিষয়ে আলোচনা কৰে। বিশ্ববিদ্যালয়ৰ বাণিজ্য বিভাগৰ মুৰব্বী অধ্যাপক, গৱেষক আৰু ছাত্ৰ-ছাত্ৰীসকলে শ্ৰদ্ধাঞ্জলি জ্ঞাপন কৰে। অনুষ্ঠানত বিভিন্ন সাংস্কৃতিক কাৰ্যসূচীও অনুষ্ঠিত হয় আৰু অতিথিসকলক সম্বৰ্ধনা জনোৱা হয়।

নলবাৰীত হ’ব
ইউবিপিঅ’ৰ দ্বাদশ প্ৰতিষ্ঠা দিৱস

গুৱাহাটী, ৩০ মে’ ঃ অজিত কুমাৰ দত্ত আৰু কৃষ্ণকান্ত বৰুৱাই অসমৰ বাণিজ্যিক ইতিহাসত ভোলা বৰুৱাৰ অৱদানৰ বিষয়ে আলোচনা কৰে। বিশ্ববিদ্যালয়ৰ বাণিজ্য বিভাগৰ মুৰব্বী অধ্যাপক, গৱেষক আৰু ছাত্ৰ-ছাত্ৰীসকলে শ্ৰদ্ধাঞ্জলি জ্ঞাপন কৰে। অনুষ্ঠানত বিভিন্ন সাংস্কৃতিক কাৰ্যসূচীও অনুষ্ঠিত হয় আৰু অতিথিসকলক সম্বৰ্ধনা জনোৱা হয়।

অজিত কুমাৰ দত্ত আৰু কৃষ্ণকান্ত বৰুৱাই অসমৰ বাণিজ্যিক ইতিহাসত ভোলা বৰুৱাৰ অৱদানৰ বিষয়ে আলোচনা কৰে। বিশ্ববিদ্যালয়ৰ বাণিজ্য বিভাগৰ মুৰব্বী অধ্যাপক, গৱেষক আৰু ছাত্ৰ-ছাত্ৰীসকলে শ্ৰদ্ধাঞ্জলি জ্ঞাপন কৰে। অনুষ্ঠানত বিভিন্ন সাংস্কৃতিক কাৰ্যসূচীও অনুষ্ঠিত হয় আৰু অতিথিসকলক সম্বৰ্ধনা জনোৱা হয়।

বান পৰিস্থিতি মোকাবিলা কৰাৰ পদক্ষেপ
কপিলীত সেনা-এনডিআৰএফ
এছডিআৰএফৰ যুটীয়া অনুশীলন

নিয়মীয়া বাৰ্তা, মৰিগাঁও, ৩০ মে’ ঃ অজিত কুমাৰ দত্ত আৰু কৃষ্ণকান্ত বৰুৱাই অসমৰ বাণিজ্যিক ইতিহাসত ভোলা বৰুৱাৰ অৱদানৰ বিষয়ে আলোচনা কৰে। বিশ্ববিদ্যালয়ৰ বাণিজ্য বিভাগৰ মুৰব্বী অধ্যাপক, গৱেষক আৰু ছাত্ৰ-ছাত্ৰীসকলে শ্ৰদ্ধাঞ্জলি জ্ঞাপন কৰে। অনুষ্ঠানত বিভিন্ন সাংস্কৃতিক কাৰ্যসূচীও অনুষ্ঠিত হয় আৰু অতিথিসকলক সম্বৰ্ধনা জনোৱা হয়।

অজিত কুমাৰ দত্ত আৰু কৃষ্ণকান্ত বৰুৱাই অসমৰ বাণিজ্যিক ইতিহাসত ভোলা বৰুৱাৰ অৱদানৰ বিষয়ে আলোচনা কৰে। বিশ্ববিদ্যালয়ৰ বাণিজ্য বিভাগৰ মুৰব্বী অধ্যাপক, গৱেষক আৰু ছাত্ৰ-ছাত্ৰীসকলে শ্ৰদ্ধাঞ্জলি জ্ঞাপন কৰে। অনুষ্ঠানত বিভিন্ন সাংস্কৃতিক কাৰ্যসূচীও অনুষ্ঠিত হয় আৰু অতিথিসকলক সম্বৰ্ধনা জনোৱা হয়।

অজিত কুমাৰ দত্ত আৰু কৃষ্ণকান্ত বৰুৱাই অসমৰ বাণিজ্যিক ইতিহাসত ভোলা বৰুৱাৰ অৱদানৰ বিষয়ে আলোচনা কৰে। বিশ্ববিদ্যালয়ৰ বাণিজ্য বিভাগৰ মুৰব্বী অধ্যাপক, গৱেষক আৰু ছাত্ৰ-ছাত্ৰীসকলে শ্ৰদ্ধাঞ্জলি জ্ঞাপন কৰে। অনুষ্ঠানত বিভিন্ন সাংস্কৃতিক কাৰ্যসূচীও অনুষ্ঠিত হয় আৰু অতিথিসকলক সম্বৰ্ধনা জনোৱা হয়।

ভ’গ ৰিউটী বেলেন্সৰ এৱাৰ্ড আমন্ত্ৰিত মিজোৰামৰ প্ৰতিষ্ঠান

অজিত কুমাৰ দত্ত আৰু কৃষ্ণকান্ত বৰুৱাই অসমৰ বাণিজ্যিক ইতিহাসত ভোলা বৰুৱাৰ অৱদানৰ বিষয়ে আলোচনা কৰে। বিশ্ববিদ্যালয়ৰ বাণিজ্য বিভাগৰ মুৰব্বী অধ্যাপক, গৱেষক আৰু ছাত্ৰ-ছাত্ৰীসকলে শ্ৰদ্ধাঞ্জলি জ্ঞাপন কৰে। অনুষ্ঠানত বিভিন্ন সাংস্কৃতিক কাৰ্যসূচীও অনুষ্ঠিত হয় আৰু অতিথিসকলক সম্বৰ্ধনা জনোৱা হয়।

টাইমলাইন কুইজ স্থগিত

অজিত কুমাৰ দত্ত আৰু কৃষ্ণকান্ত বৰুৱাই অসমৰ বাণিজ্যিক ইতিহাসত ভোলা বৰুৱাৰ অৱদানৰ বিষয়ে আলোচনা কৰে। বিশ্ববিদ্যালয়ৰ বাণিজ্য বিভাগৰ মুৰব্বী অধ্যাপক, গৱেষক আৰু ছাত্ৰ-ছাত্ৰীসকলে শ্ৰদ্ধাঞ্জলি জ্ঞাপন কৰে। অনুষ্ঠানত বিভিন্ন সাংস্কৃতিক কাৰ্যসূচীও অনুষ্ঠিত হয় আৰু অতিথিসকলক সম্বৰ্ধনা জনোৱা হয়।

১২-১৪ ছেপ্টেম্বৰলৈ
মণিৰাম দেৱান ট্ৰেড
চেণ্টাৰত আৰ্কিটেকচাৰ মেলা

ষ্টাফ ৰিপ’ৰ্টাৰ, ৩০ মে’ ঃ অজিত কুমাৰ দত্ত আৰু কৃষ্ণকান্ত বৰুৱাই অসমৰ বাণিজ্যিক ইতিহাসত ভোলা বৰুৱাৰ অৱদানৰ বিষয়ে আলোচনা কৰে। বিশ্ববিদ্যালয়ৰ বাণিজ্য বিভাগৰ মুৰব্বী অধ্যাপক, গৱেষক আৰু ছাত্ৰ-ছাত্ৰীসকলে শ্ৰদ্ধাঞ্জলি জ্ঞাপন কৰে। অনুষ্ঠানত বিভিন্ন সাংস্কৃতিক কাৰ্যসূচীও অনুষ্ঠিত হয় আৰু অতিথিসকলক সম্বৰ্ধনা জনোৱা হয়।

দক্ষিণপাট উচ্চতৰ মাধ্যমিক
বিদ্যালয়ত শৈক্ষিক বঁটা প্ৰদান

বিশেষ বাৰ্তা, নগাঁও, ৩০ মে’ ঃ অজিত কুমাৰ দত্ত আৰু কৃষ্ণকান্ত বৰুৱাই অসমৰ বাণিজ্যিক ইতিহাসত ভোলা বৰুৱাৰ অৱদানৰ বিষয়ে আলোচনা কৰে। বিশ্ববিদ্যালয়ৰ বাণিজ্য বিভাগৰ মুৰব্বী অধ্যাপক, গৱেষক আৰু ছাত্ৰ-ছাত্ৰীসকলে শ্ৰদ্ধাঞ্জলি জ্ঞাপন কৰে। অনুষ্ঠানত বিভিন্ন সাংস্কৃতিক কাৰ্যসূচীও অনুষ্ঠিত হয় আৰু অতিথিসকলক সম্বৰ্ধনা জনোৱা হয়।

অজিত কুমাৰ দত্ত আৰু কৃষ্ণকান্ত বৰুৱাই অসমৰ বাণিজ্যিক ইতিহাসত ভোলা বৰুৱাৰ অৱদানৰ বিষয়ে আলোচনা কৰে। বিশ্ববিদ্যালয়ৰ বাণিজ্য বিভাগৰ মুৰব্বী অধ্যাপক, গৱেষক আৰু ছাত্ৰ-ছাত্ৰীসকলে শ্ৰদ্ধাঞ্জলি জ্ঞাপন কৰে। অনুষ্ঠানত বিভিন্ন সাংস্কৃতিক কাৰ্যসূচীও অনুষ্ঠিত হয় আৰু অতিথিসকলক সম্বৰ্ধনা জনোৱা হয়।
